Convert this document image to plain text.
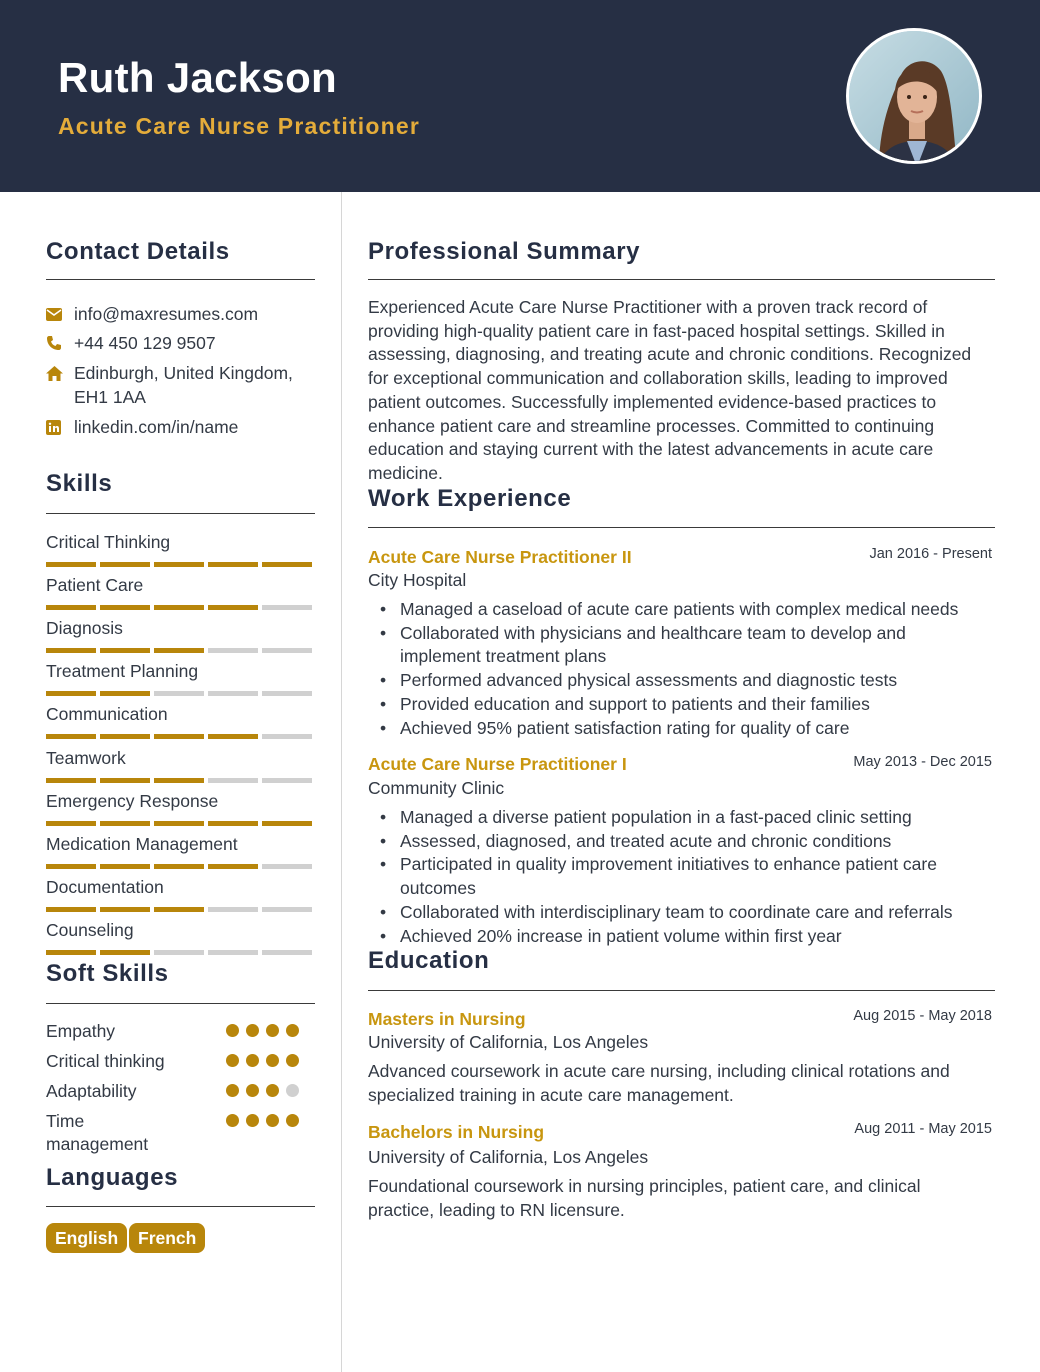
Ruth Jackson
Acute Care Nurse Practitioner
Contact Details
info@maxresumes.com
+44 450 129 9507
Edinburgh, United Kingdom, EH1 1AA
linkedin.com/in/name
Skills
Critical Thinking
Patient Care
Diagnosis
Treatment Planning
Communication
Teamwork
Emergency Response
Medication Management
Documentation
Counseling
Soft Skills
Empathy
Critical thinking
Adaptability
Time management
Languages
English	French
Professional Summary
Experienced Acute Care Nurse Practitioner with a proven track record of providing high-quality patient care in fast-paced hospital settings. Skilled in assessing, diagnosing, and treating acute and chronic conditions. Recognized for exceptional communication and collaboration skills, leading to improved patient outcomes. Successfully implemented evidence-based practices to enhance patient care and streamline processes. Committed to continuing education and staying current with the latest advancements in acute care medicine.
Work Experience
Acute Care Nurse Practitioner II	Jan 2016 - Present
City Hospital
• Managed a caseload of acute care patients with complex medical needs
• Collaborated with physicians and healthcare team to develop and implement treatment plans
• Performed advanced physical assessments and diagnostic tests
• Provided education and support to patients and their families
• Achieved 95% patient satisfaction rating for quality of care
Acute Care Nurse Practitioner I	May 2013 - Dec 2015
Community Clinic
• Managed a diverse patient population in a fast-paced clinic setting
• Assessed, diagnosed, and treated acute and chronic conditions
• Participated in quality improvement initiatives to enhance patient care outcomes
• Collaborated with interdisciplinary team to coordinate care and referrals
• Achieved 20% increase in patient volume within first year
Education
Masters in Nursing	Aug 2015 - May 2018
University of California, Los Angeles
Advanced coursework in acute care nursing, including clinical rotations and specialized training in acute care management.
Bachelors in Nursing	Aug 2011 - May 2015
University of California, Los Angeles
Foundational coursework in nursing principles, patient care, and clinical practice, leading to RN licensure.
